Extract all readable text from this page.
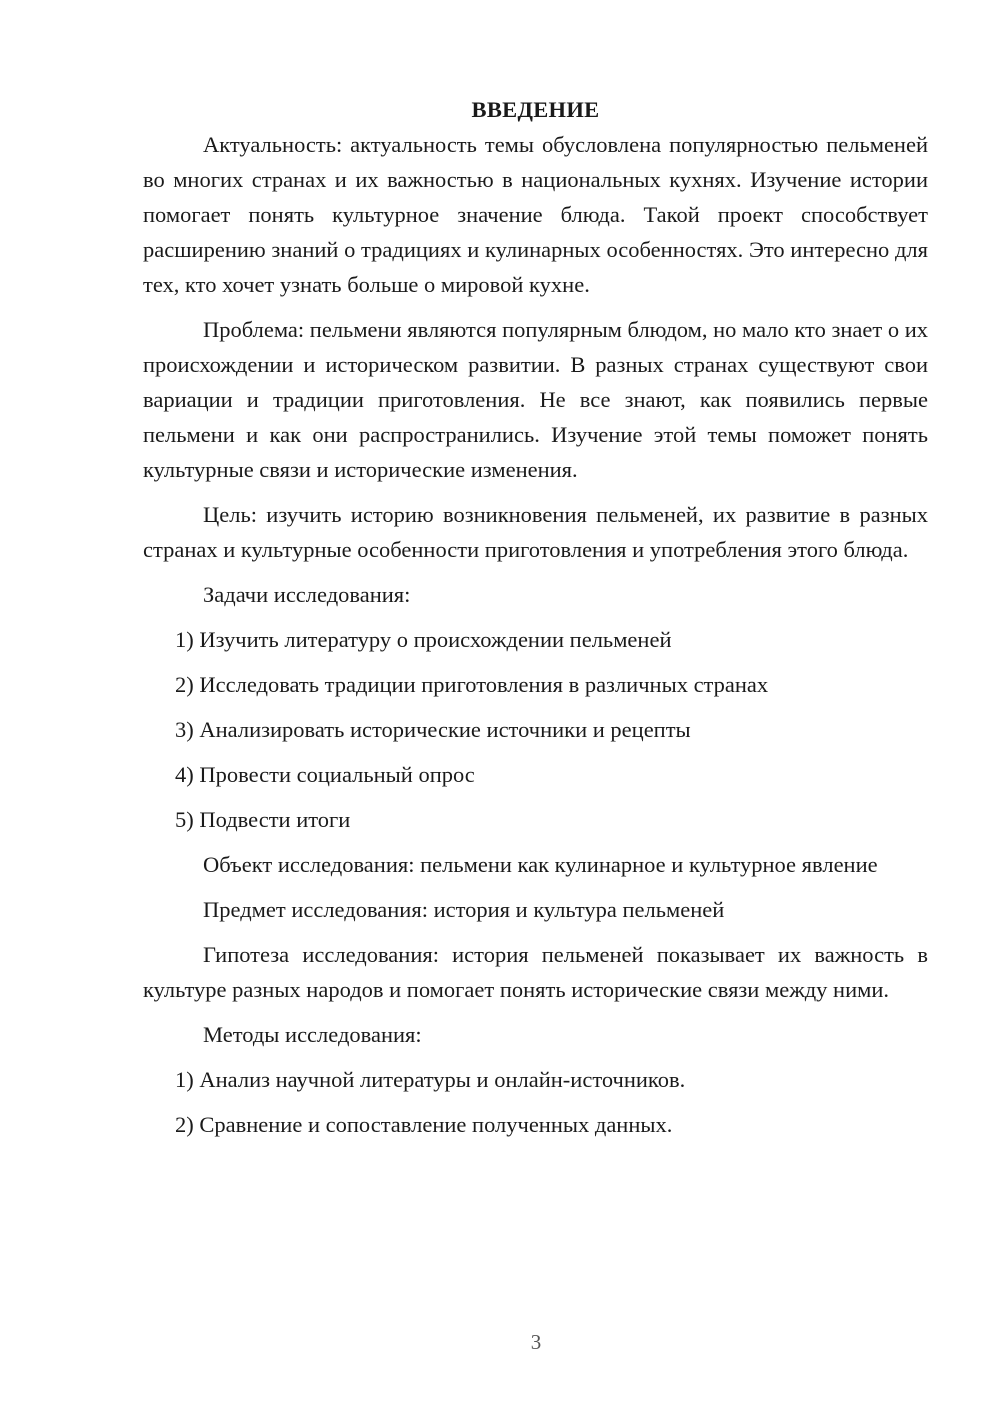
ВВЕДЕНИЕ

Актуальность: актуальность темы обусловлена популярностью пельменей во многих странах и их важностью в национальных кухнях. Изучение истории помогает понять культурное значение блюда. Такой проект способствует расширению знаний о традициях и кулинарных особенностях. Это интересно для тех, кто хочет узнать больше о мировой кухне.

Проблема: пельмени являются популярным блюдом, но мало кто знает о их происхождении и историческом развитии. В разных странах существуют свои вариации и традиции приготовления. Не все знают, как появились первые пельмени и как они распространились. Изучение этой темы поможет понять культурные связи и исторические изменения.

Цель: изучить историю возникновения пельменей, их развитие в разных странах и культурные особенности приготовления и употребления этого блюда.

Задачи исследования:

1) Изучить литературу о происхождении пельменей

2) Исследовать традиции приготовления в различных странах

3) Анализировать исторические источники и рецепты

4) Провести социальный опрос

5) Подвести итоги

Объект исследования: пельмени как кулинарное и культурное явление

Предмет исследования: история и культура пельменей

Гипотеза исследования: история пельменей показывает их важность в культуре разных народов и помогает понять исторические связи между ними.

Методы исследования:

1) Анализ научной литературы и онлайн-источников.

2) Сравнение и сопоставление полученных данных.

3
